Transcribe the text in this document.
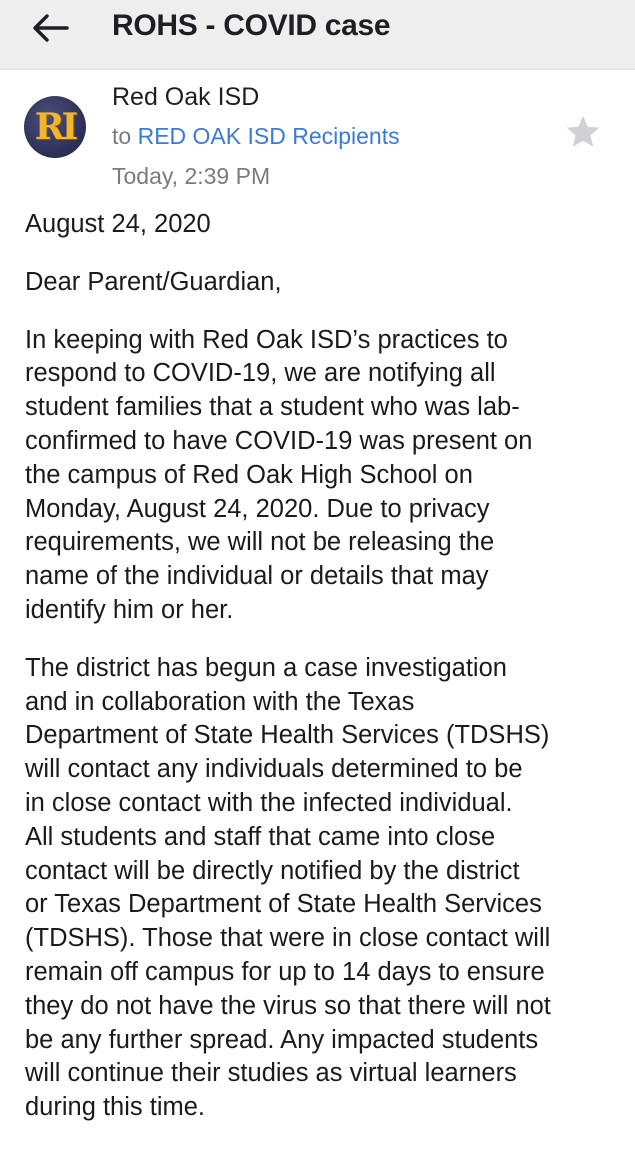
ROHS - COVID case
RI
Red Oak ISD
to RED OAK ISD Recipients
Today, 2:39 PM

August 24, 2020

Dear Parent/Guardian,

In keeping with Red Oak ISD’s practices to

respond to COVID-19, we are notifying all

student families that a student who was lab-

confirmed to have COVID-19 was present on

the campus of Red Oak High School on

Monday, August 24, 2020. Due to privacy

requirements, we will not be releasing the

name of the individual or details that may

identify him or her.

The district has begun a case investigation

and in collaboration with the Texas

Department of State Health Services (TDSHS)

will contact any individuals determined to be

in close contact with the infected individual.

All students and staff that came into close

contact will be directly notified by the district

or Texas Department of State Health Services

(TDSHS). Those that were in close contact will

remain off campus for up to 14 days to ensure

they do not have the virus so that there will not

be any further spread. Any impacted students

will continue their studies as virtual learners

during this time.
